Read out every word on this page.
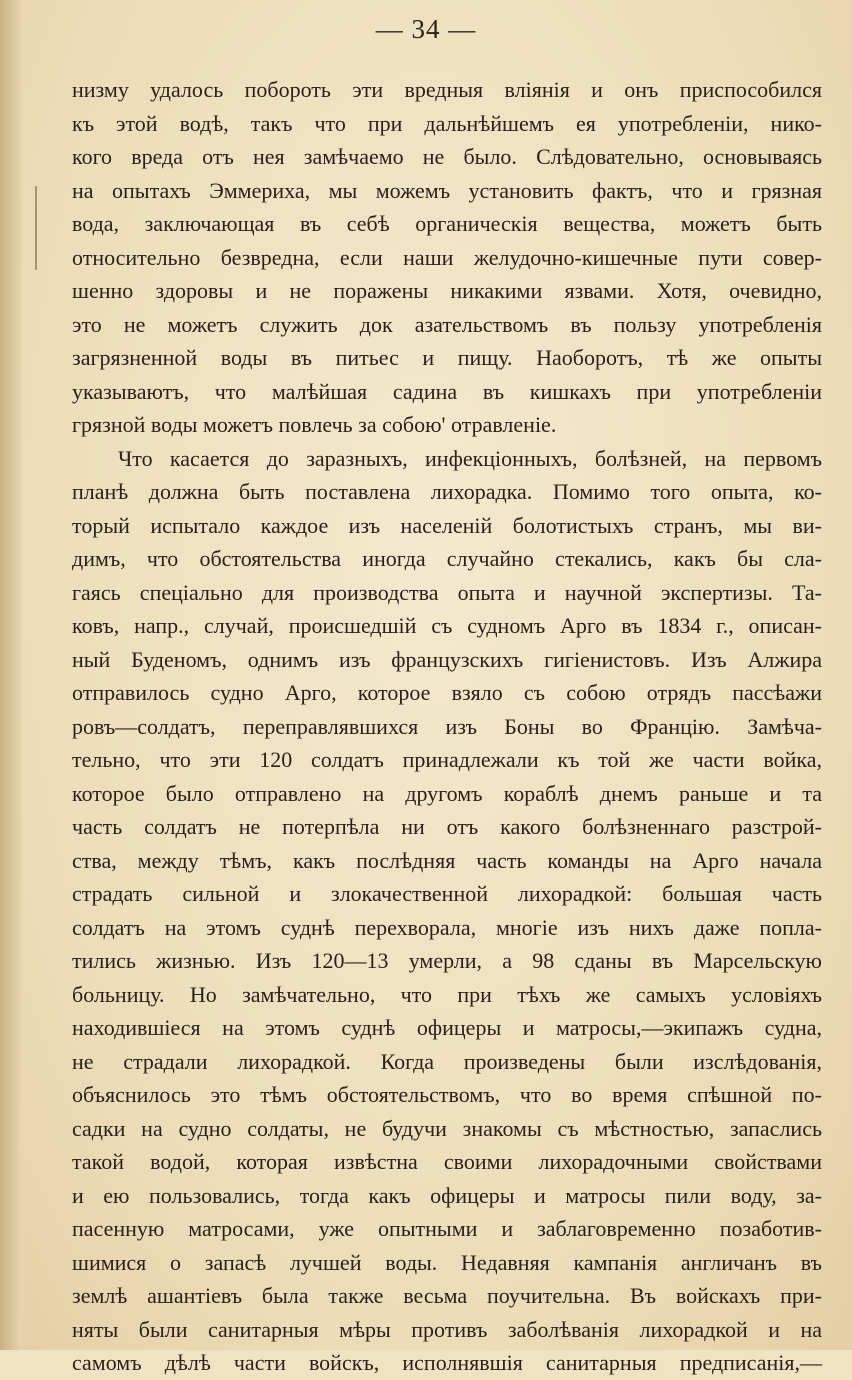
— 34 —
низму удалось побороть эти вредныя вліянія и онъ приспособился
къ этой водѣ, такъ что при дальнѣйшемъ ея употребленіи, нико-
кого вреда отъ нея замѣчаемо не было. Слѣдовательно, основываясь
на опытахъ Эммериха, мы можемъ установить фактъ, что и грязная
вода, заключающая въ себѣ органическія вещества, можетъ быть
относительно безвредна, если наши желудочно-кишечные пути совер-
шенно здоровы и не поражены никакими язвами. Хотя, очевидно,
это не можетъ служить док азательствомъ въ пользу употребленія
загрязненной воды въ питьес и пищу. Наоборотъ, тѣ же опыты
указываютъ, что малѣйшая садина въ кишкахъ при употребленіи
грязной воды можетъ повлечь за собою' отравленіе.
Что касается до заразныхъ, инфекціонныхъ, болѣзней, на первомъ
планѣ должна быть поставлена лихорадка. Помимо того опыта, ко-
торый испытало каждое изъ населеній болотистыхъ странъ, мы ви-
димъ, что обстоятельства иногда случайно стекались, какъ бы сла-
гаясь спеціально для производства опыта и научной экспертизы. Та-
ковъ, напр., случай, происшедшій съ судномъ Арго въ 1834 г., описан-
ный Буденомъ, однимъ изъ французскихъ гигіенистовъ. Изъ Алжира
отправилось судно Арго, которое взяло съ собою отрядъ пассѣажи
ровъ—солдатъ, переправлявшихся изъ Боны во Францію. Замѣча-
тельно, что эти 120 солдатъ принадлежали къ той же части войка,
которое было отправлено на другомъ кораблѣ днемъ раньше и та
часть солдатъ не потерпѣла ни отъ какого болѣзненнаго разстрой-
ства, между тѣмъ, какъ послѣдняя часть команды на Арго начала
страдать сильной и злокачественной лихорадкой: большая часть
солдатъ на этомъ суднѣ перехворала, многіе изъ нихъ даже попла-
тились жизнью. Изъ 120—13 умерли, а 98 сданы въ Марсельскую
больницу. Но замѣчательно, что при тѣхъ же самыхъ условіяхъ
находившіеся на этомъ суднѣ офицеры и матросы,—экипажъ судна,
не страдали лихорадкой. Когда произведены были изслѣдованія,
объяснилось это тѣмъ обстоятельствомъ, что во время спѣшной по-
садки на судно солдаты, не будучи знакомы съ мѣстностью, запаслись
такой водой, которая извѣстна своими лихорадочными свойствами
и ею пользовались, тогда какъ офицеры и матросы пили воду, за-
пасенную матросами, уже опытными и заблаговременно позаботив-
шимися о запасѣ лучшей воды. Недавняя кампанія англичанъ въ
землѣ ашантіевъ была также весьма поучительна. Въ войскахъ при-
няты были санитарныя мѣры противъ заболѣванія лихорадкой и на
самомъ дѣлѣ части войскъ, исполнявшія санитарныя предписанія,—
